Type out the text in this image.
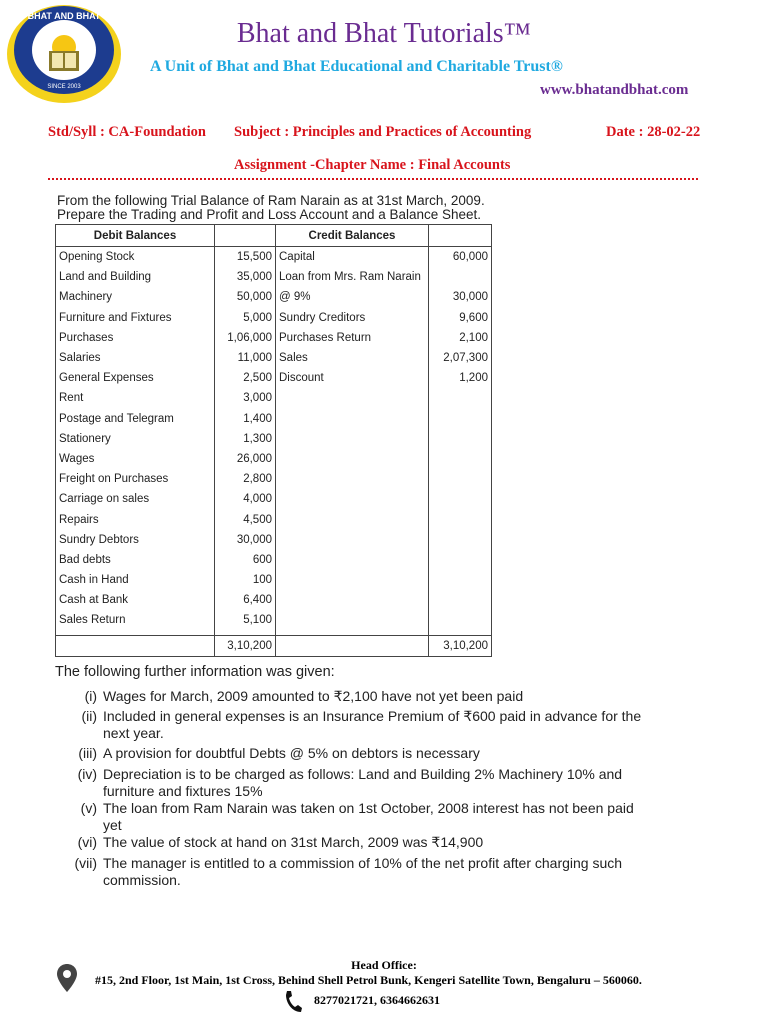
BHAT AND BHAT
SINCE 2003
Bhat and Bhat Tutorials™
A Unit of Bhat and Bhat Educational and Charitable Trust®
www.bhatandbhat.com
Std/Syll : CA-Foundation Subject : Principles and Practices of Accounting	Date : 28-02-22
Assignment -Chapter Name : Final Accounts
From the following Trial Balance of Ram Narain as at 31st March, 2009.
Prepare the Trading and Profit and Loss Account and a Balance Sheet.
Debit Balances		Credit Balances	
Opening Stock	15,500	Capital	60,000
Land and Building	35,000	Loan from Mrs. Ram Narain	
Machinery	50,000	@ 9%	30,000
Furniture and Fixtures	5,000	Sundry Creditors	9,600
Purchases	1,06,000	Purchases Return	2,100
Salaries	11,000	Sales	2,07,300
General Expenses	2,500	Discount	1,200
Rent	3,000		
Postage and Telegram	1,400		
Stationery	1,300		
Wages	26,000		
Freight on Purchases	2,800		
Carriage on sales	4,000		
Repairs	4,500		
Sundry Debtors	30,000		
Bad debts	600		
Cash in Hand	100		
Cash at Bank	6,400		
Sales Return	5,100		
	3,10,200		3,10,200
The following further information was given:
(i) Wages for March, 2009 amounted to ₹2,100 have not yet been paid
(ii) Included in general expenses is an Insurance Premium of ₹600 paid in advance for the next year.
(iii) A provision for doubtful Debts @ 5% on debtors is necessary
(iv) Depreciation is to be charged as follows: Land and Building 2% Machinery 10% and furniture and fixtures 15%
(v) The loan from Ram Narain was taken on 1st October, 2008 interest has not been paid yet
(vi) The value of stock at hand on 31st March, 2009 was ₹14,900
(vii) The manager is entitled to a commission of 10% of the net profit after charging such commission.
Head Office:
#15, 2nd Floor, 1st Main, 1st Cross, Behind Shell Petrol Bunk, Kengeri Satellite Town, Bengaluru – 560060.
8277021721, 6364662631
